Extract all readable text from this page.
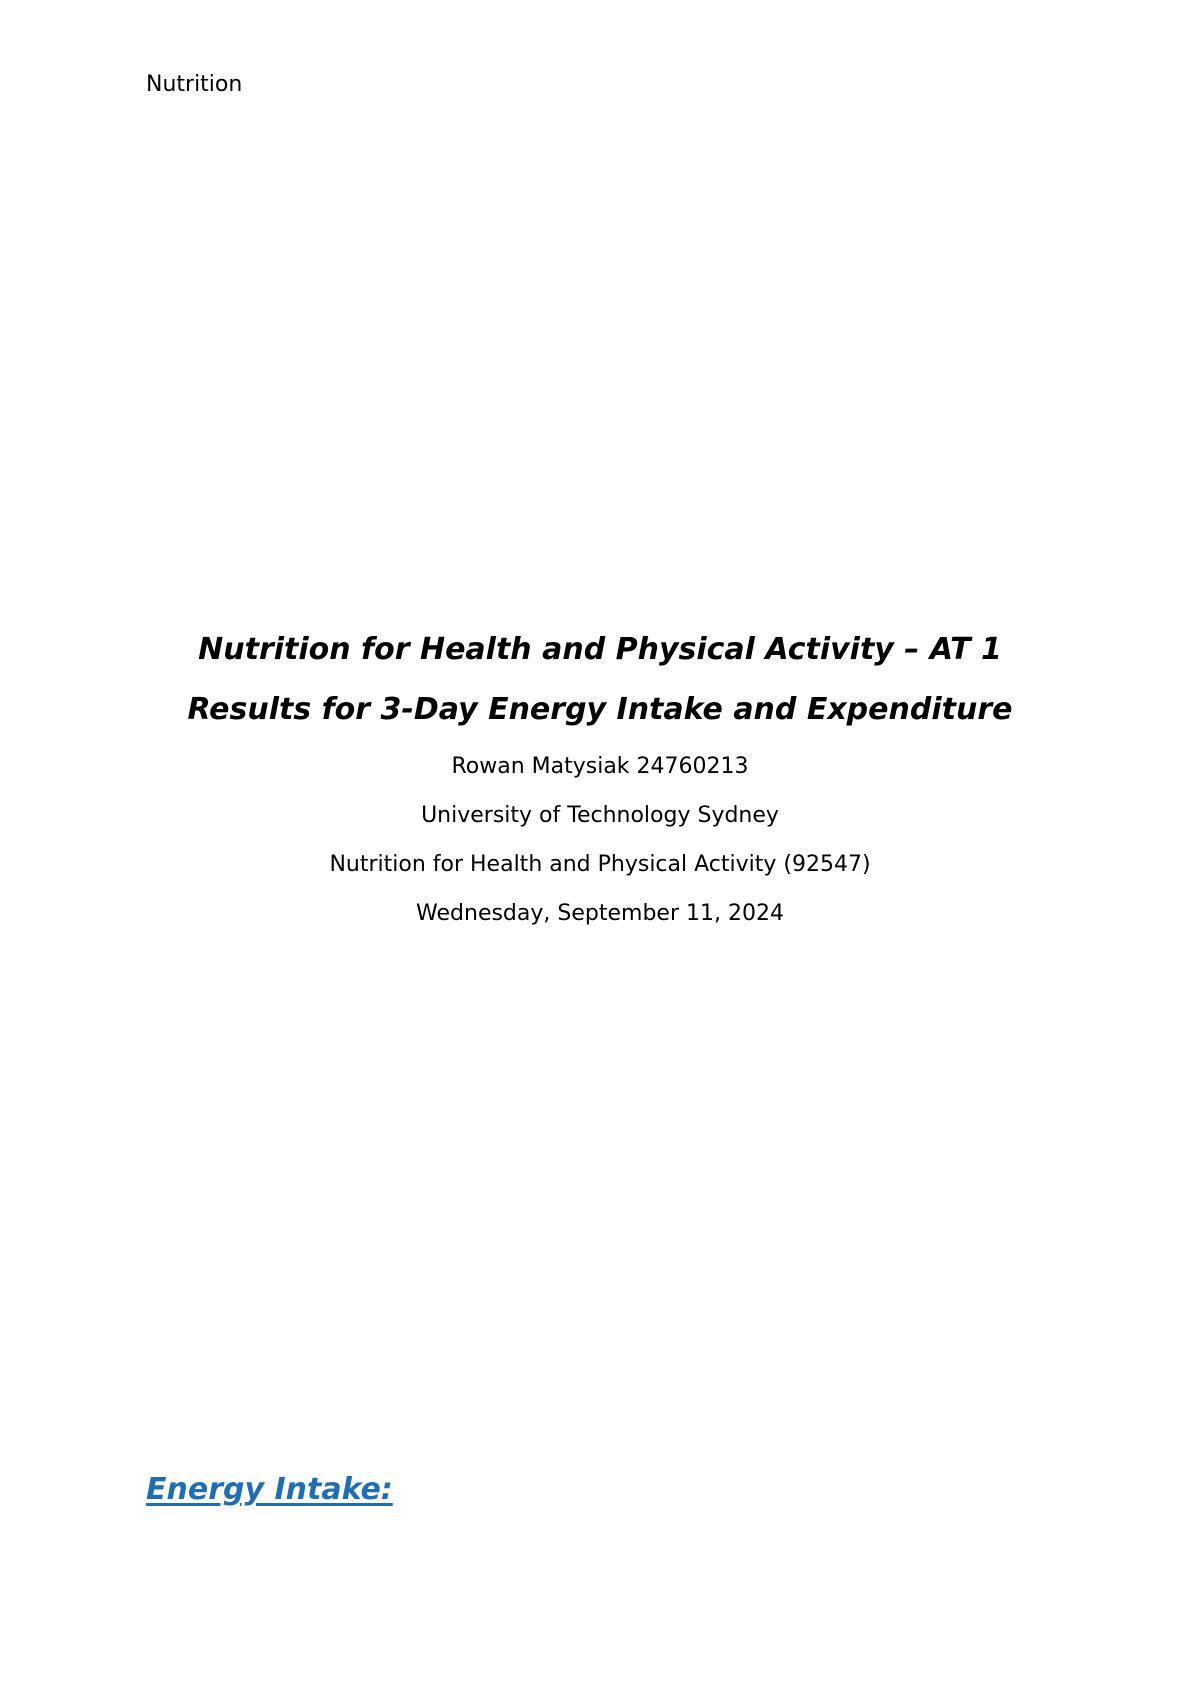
Nutrition

Nutrition for Health and Physical Activity – AT 1

Results for 3-Day Energy Intake and Expenditure

Rowan Matysiak 24760213

University of Technology Sydney

Nutrition for Health and Physical Activity (92547)

Wednesday, September 11, 2024

Energy Intake:
